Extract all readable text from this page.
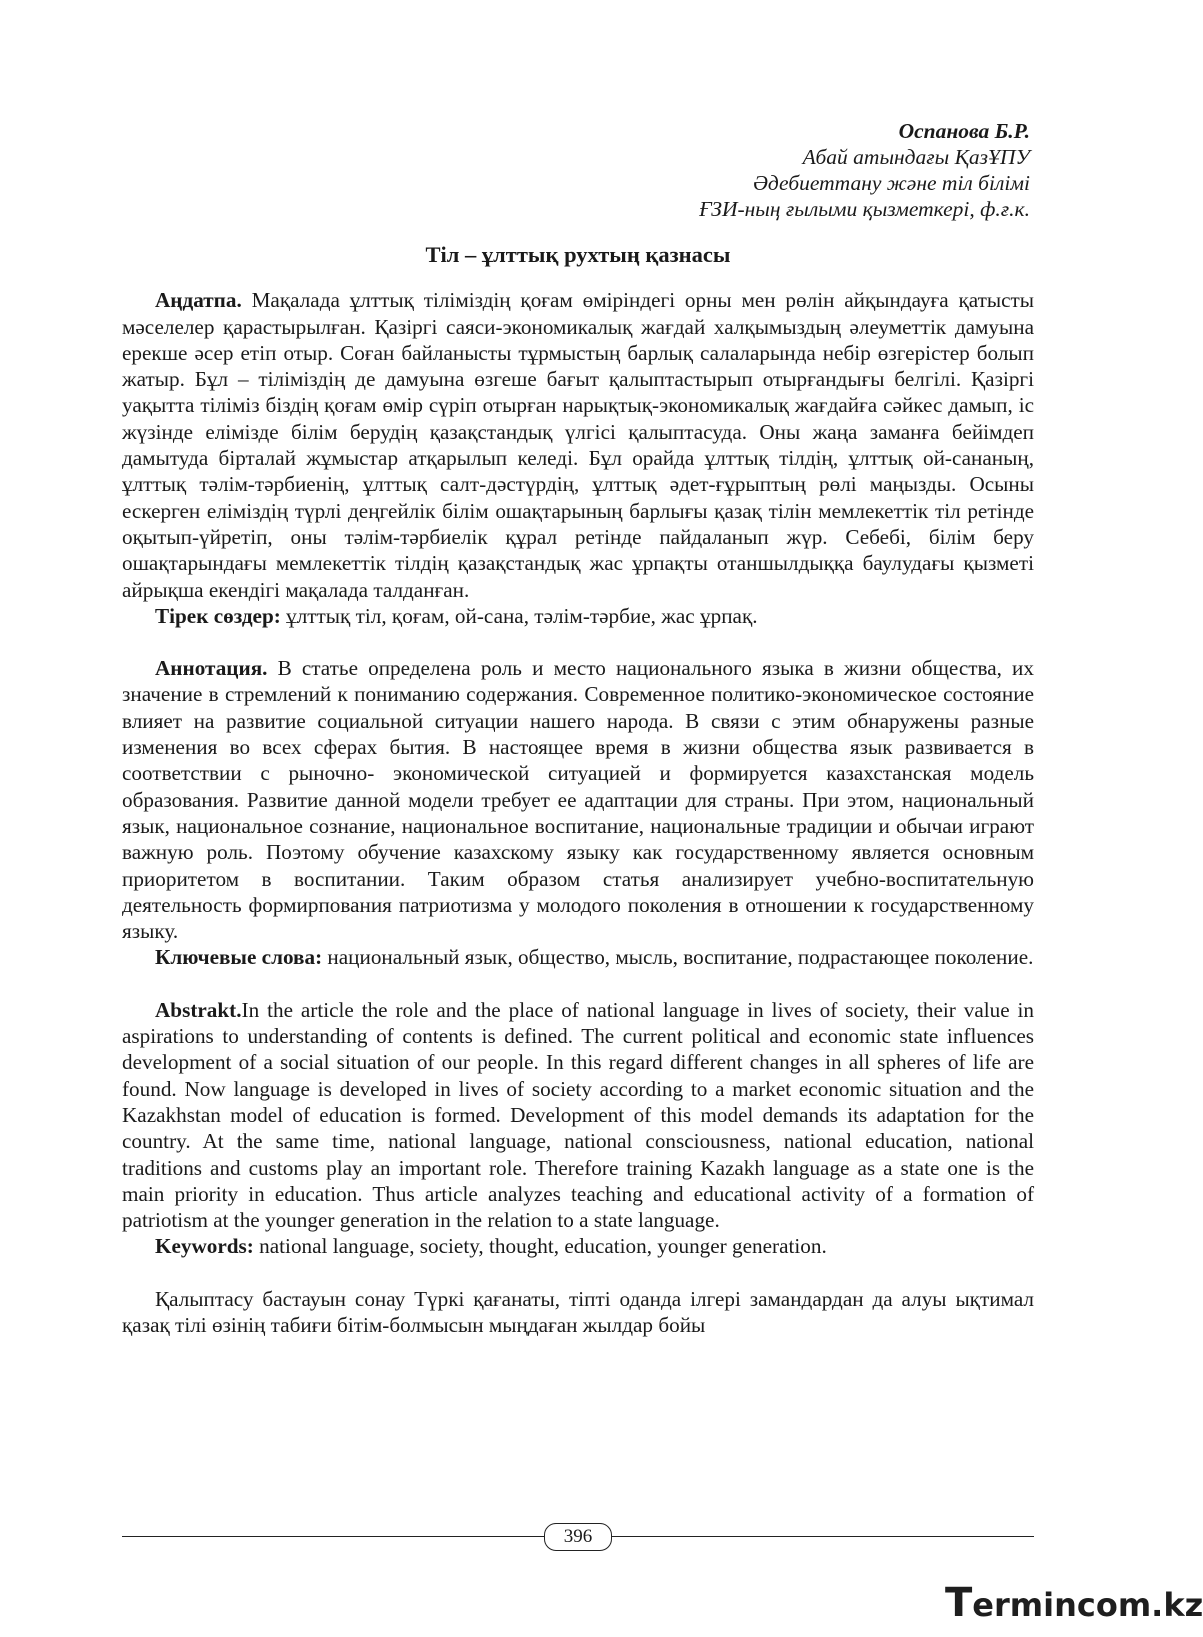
Оспанова Б.Р.
Абай атындағы ҚазҰПУ
Әдебиеттану және тіл білімі
ҒЗИ-ның ғылыми қызметкері, ф.ғ.к.
Тіл – ұлттық рухтың қазнасы

Аңдатпа. Мақалада ұлттық тіліміздің қоғам өміріндегі орны мен рөлін айқындауға қатысты мәселелер қарастырылған. Қазіргі саяси-экономикалық жағдай халқымыздың әлеуметтік дамуына ерекше әсер етіп отыр. Соған байланысты тұрмыстың барлық салаларында небір өзгерістер болып жатыр. Бұл – тіліміздің де дамуына өзгеше бағыт қалыптастырып отырғандығы белгілі. Қазіргі уақытта тіліміз біздің қоғам өмір сүріп отырған нарықтық-экономикалық жағдайға сәйкес дамып, іс жүзінде елімізде білім берудің қазақстандық үлгісі қалыптасуда. Оны жаңа заманға бейімдеп дамытуда бірталай жұмыстар атқарылып келеді. Бұл орайда ұлттық тілдің, ұлттық ой-сананың, ұлттық тәлім-тәрбиенің, ұлттық салт-дәстүрдің, ұлттық әдет-ғұрыптың рөлі маңызды. Осыны ескерген еліміздің түрлі деңгейлік білім ошақтарының барлығы қазақ тілін мемлекеттік тіл ретінде оқытып-үйретіп, оны тәлім-тәрбиелік құрал ретінде пайдаланып жүр. Себебі, білім беру ошақтарындағы мемлекеттік тілдің қазақстандық жас ұрпақты отаншылдыққа баулудағы қызметі айрықша екендігі мақалада талданған.

Тірек сөздер: ұлттық тіл, қоғам, ой-сана, тәлім-тәрбие, жас ұрпақ.

Аннотация. В статье определена роль и место национального языка в жизни общества, их значение в стремлений к пониманию содержания. Современное политико-экономическое состояние влияет на развитие социальной ситуации нашего народа. В связи с этим обнаружены разные изменения во всех сферах бытия. В настоящее время в жизни общества язык развивается в соответствии с рыночно- экономической ситуацией и формируется казахстанская модель образования. Развитие данной модели требует ее адаптации для страны. При этом, национальный язык, национальное сознание, национальное воспитание, национальные традиции и обычаи играют важную роль. Поэтому обучение казахскому языку как государственному является основным приоритетом в воспитании. Таким образом статья анализирует учебно-воспитательную деятельность формирпования патриотизма у молодого поколения в отношении к государственному языку.

Ключевые слова: национальный язык, общество, мысль, воспитание, подрастающее поколение.

Abstrakt.In the article the role and the place of national language in lives of society, their value in aspirations to understanding of contents is defined. The current political and economic state influences development of a social situation of our people. In this regard different changes in all spheres of life are found. Now language is developed in lives of society according to a market economic situation and the Kazakhstan model of education is formed. Development of this model demands its adaptation for the country. At the same time, national language, national consciousness, national education, national traditions and customs play an important role. Therefore training Kazakh language as a state one is the main priority in education. Thus article analyzes teaching and educational activity of a formation of patriotism at the younger generation in the relation to a state language.

Keywords: national language, society, thought, education, younger generation.

Қалыптасу бастауын сонау Түркі қағанаты, тіпті оданда ілгері замандардан да алуы ықтимал қазақ тілі өзінің табиғи бітім-болмысын мыңдаған жылдар бойы

396
Termincom.kz
